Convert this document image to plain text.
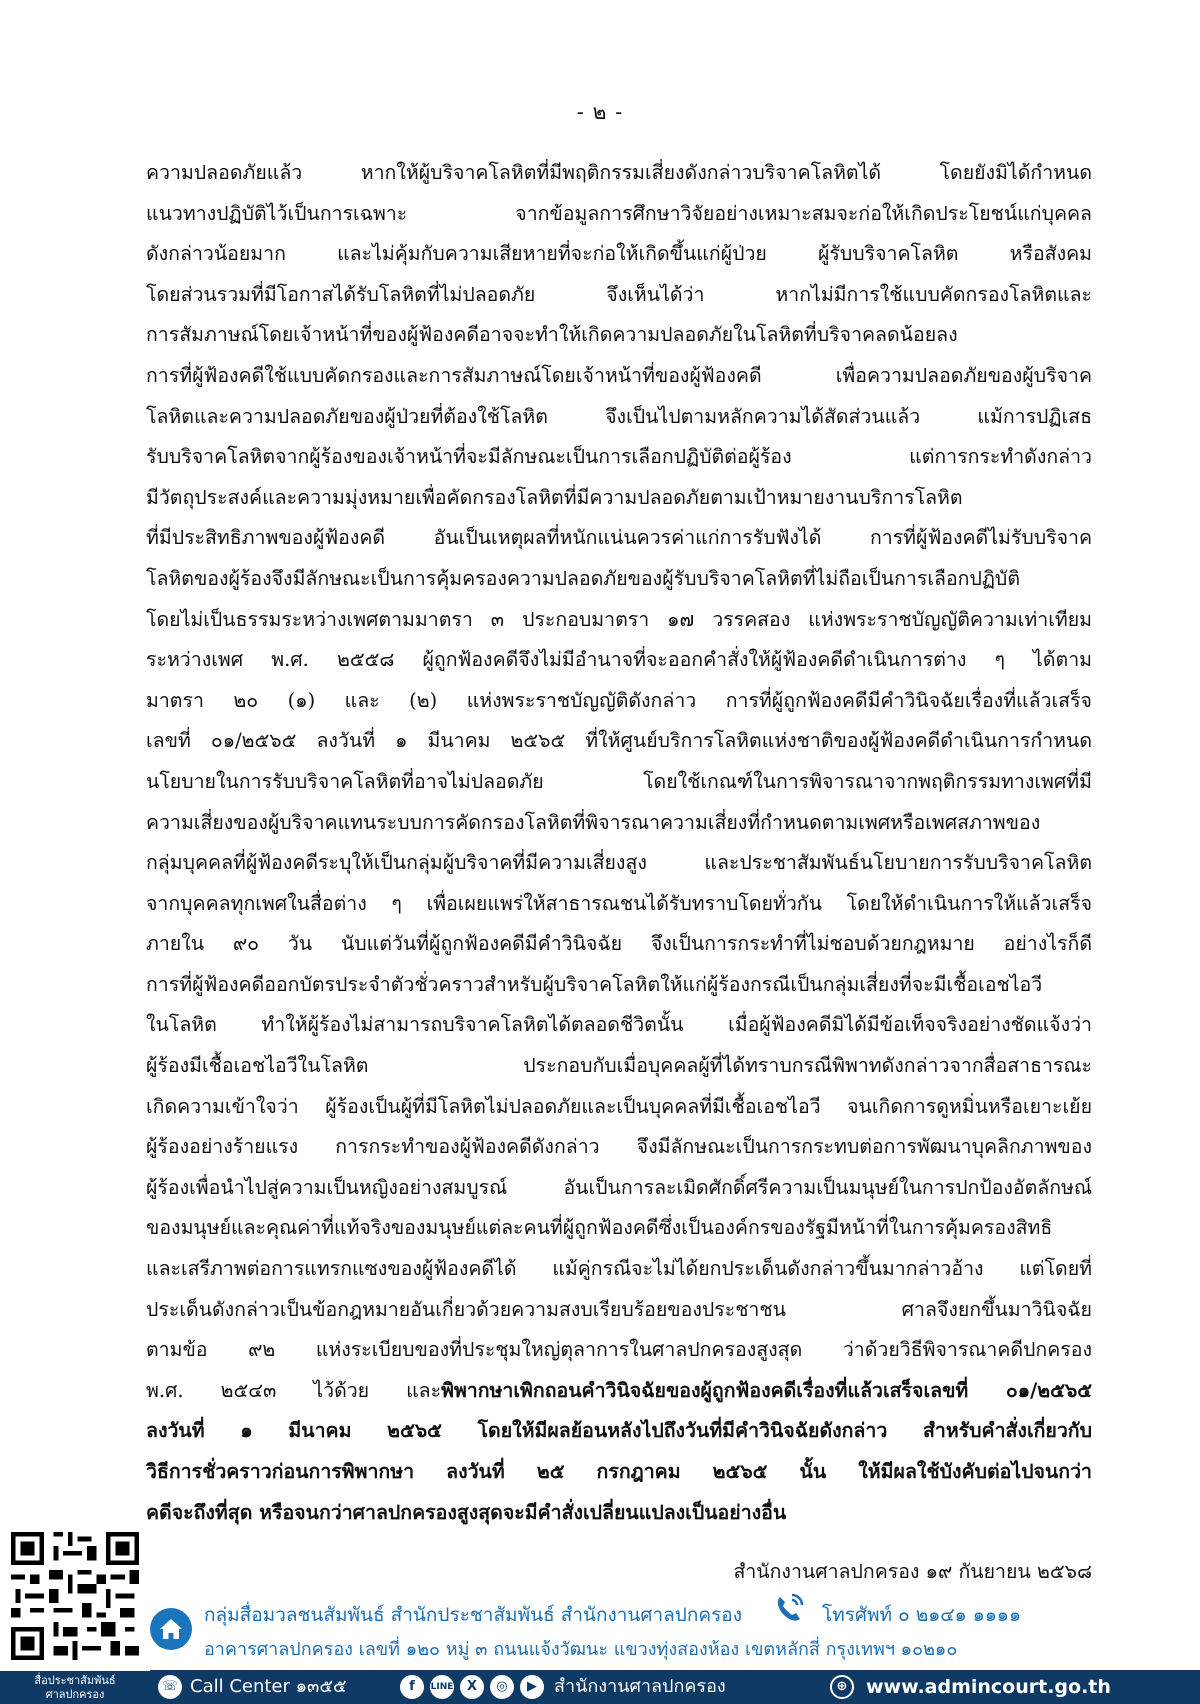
- ๒ -
ความปลอดภัยแล้ว หากให้ผู้บริจาคโลหิตที่มีพฤติกรรมเสี่ยงดังกล่าวบริจาคโลหิตได้ โดยยังมิได้กำหนด
แนวทางปฏิบัติไว้เป็นการเฉพาะ จากข้อมูลการศึกษาวิจัยอย่างเหมาะสมจะก่อให้เกิดประโยชน์แก่บุคคล
ดังกล่าวน้อยมาก และไม่คุ้มกับความเสียหายที่จะก่อให้เกิดขึ้นแก่ผู้ป่วย ผู้รับบริจาคโลหิต หรือสังคม
โดยส่วนรวมที่มีโอกาสได้รับโลหิตที่ไม่ปลอดภัย จึงเห็นได้ว่า หากไม่มีการใช้แบบคัดกรองโลหิตและ
การสัมภาษณ์โดยเจ้าหน้าที่ของผู้ฟ้องคดีอาจจะทำให้เกิดความปลอดภัยในโลหิตที่บริจาคลดน้อยลง
การที่ผู้ฟ้องคดีใช้แบบคัดกรองและการสัมภาษณ์โดยเจ้าหน้าที่ของผู้ฟ้องคดี เพื่อความปลอดภัยของผู้บริจาค
โลหิตและความปลอดภัยของผู้ป่วยที่ต้องใช้โลหิต จึงเป็นไปตามหลักความได้สัดส่วนแล้ว แม้การปฏิเสธ
รับบริจาคโลหิตจากผู้ร้องของเจ้าหน้าที่จะมีลักษณะเป็นการเลือกปฏิบัติต่อผู้ร้อง แต่การกระทำดังกล่าว
มีวัตถุประสงค์และความมุ่งหมายเพื่อคัดกรองโลหิตที่มีความปลอดภัยตามเป้าหมายงานบริการโลหิต
ที่มีประสิทธิภาพของผู้ฟ้องคดี อันเป็นเหตุผลที่หนักแน่นควรค่าแก่การรับฟังได้ การที่ผู้ฟ้องคดีไม่รับบริจาค
โลหิตของผู้ร้องจึงมีลักษณะเป็นการคุ้มครองความปลอดภัยของผู้รับบริจาคโลหิตที่ไม่ถือเป็นการเลือกปฏิบัติ
โดยไม่เป็นธรรมระหว่างเพศตามมาตรา ๓ ประกอบมาตรา ๑๗ วรรคสอง แห่งพระราชบัญญัติความเท่าเทียม
ระหว่างเพศ พ.ศ. ๒๕๕๘ ผู้ถูกฟ้องคดีจึงไม่มีอำนาจที่จะออกคำสั่งให้ผู้ฟ้องคดีดำเนินการต่าง ๆ ได้ตาม
มาตรา ๒๐ (๑) และ (๒) แห่งพระราชบัญญัติดังกล่าว การที่ผู้ถูกฟ้องคดีมีคำวินิจฉัยเรื่องที่แล้วเสร็จ
เลขที่ ๐๑/๒๕๖๕ ลงวันที่ ๑ มีนาคม ๒๕๖๕ ที่ให้ศูนย์บริการโลหิตแห่งชาติของผู้ฟ้องคดีดำเนินการกำหนด
นโยบายในการรับบริจาคโลหิตที่อาจไม่ปลอดภัย โดยใช้เกณฑ์ในการพิจารณาจากพฤติกรรมทางเพศที่มี
ความเสี่ยงของผู้บริจาคแทนระบบการคัดกรองโลหิตที่พิจารณาความเสี่ยงที่กำหนดตามเพศหรือเพศสภาพของ
กลุ่มบุคคลที่ผู้ฟ้องคดีระบุให้เป็นกลุ่มผู้บริจาคที่มีความเสี่ยงสูง และประชาสัมพันธ์นโยบายการรับบริจาคโลหิต
จากบุคคลทุกเพศในสื่อต่าง ๆ เพื่อเผยแพร่ให้สาธารณชนได้รับทราบโดยทั่วกัน โดยให้ดำเนินการให้แล้วเสร็จ
ภายใน ๙๐ วัน นับแต่วันที่ผู้ถูกฟ้องคดีมีคำวินิจฉัย จึงเป็นการกระทำที่ไม่ชอบด้วยกฎหมาย อย่างไรก็ดี
การที่ผู้ฟ้องคดีออกบัตรประจำตัวชั่วคราวสำหรับผู้บริจาคโลหิตให้แก่ผู้ร้องกรณีเป็นกลุ่มเสี่ยงที่จะมีเชื้อเอชไอวี
ในโลหิต ทำให้ผู้ร้องไม่สามารถบริจาคโลหิตได้ตลอดชีวิตนั้น เมื่อผู้ฟ้องคดีมิได้มีข้อเท็จจริงอย่างชัดแจ้งว่า
ผู้ร้องมีเชื้อเอชไอวีในโลหิต ประกอบกับเมื่อบุคคลผู้ที่ได้ทราบกรณีพิพาทดังกล่าวจากสื่อสาธารณะ
เกิดความเข้าใจว่า ผู้ร้องเป็นผู้ที่มีโลหิตไม่ปลอดภัยและเป็นบุคคลที่มีเชื้อเอชไอวี จนเกิดการดูหมิ่นหรือเยาะเย้ย
ผู้ร้องอย่างร้ายแรง การกระทำของผู้ฟ้องคดีดังกล่าว จึงมีลักษณะเป็นการกระทบต่อการพัฒนาบุคลิกภาพของ
ผู้ร้องเพื่อนำไปสู่ความเป็นหญิงอย่างสมบูรณ์ อันเป็นการละเมิดศักดิ์ศรีความเป็นมนุษย์ในการปกป้องอัตลักษณ์
ของมนุษย์และคุณค่าที่แท้จริงของมนุษย์แต่ละคนที่ผู้ถูกฟ้องคดีซึ่งเป็นองค์กรของรัฐมีหน้าที่ในการคุ้มครองสิทธิ
และเสรีภาพต่อการแทรกแซงของผู้ฟ้องคดีได้ แม้คู่กรณีจะไม่ได้ยกประเด็นดังกล่าวขึ้นมากล่าวอ้าง แต่โดยที่
ประเด็นดังกล่าวเป็นข้อกฎหมายอันเกี่ยวด้วยความสงบเรียบร้อยของประชาชน ศาลจึงยกขึ้นมาวินิจฉัย
ตามข้อ ๙๒ แห่งระเบียบของที่ประชุมใหญ่ตุลาการในศาลปกครองสูงสุด ว่าด้วยวิธีพิจารณาคดีปกครอง
พ.ศ. ๒๕๔๓ ไว้ด้วย และพิพากษาเพิกถอนคำวินิจฉัยของผู้ถูกฟ้องคดีเรื่องที่แล้วเสร็จเลขที่ ๐๑/๒๕๖๕
ลงวันที่ ๑ มีนาคม ๒๕๖๕ โดยให้มีผลย้อนหลังไปถึงวันที่มีคำวินิจฉัยดังกล่าว สำหรับคำสั่งเกี่ยวกับ
วิธีการชั่วคราวก่อนการพิพากษา ลงวันที่ ๒๕ กรกฎาคม ๒๕๖๕ นั้น ให้มีผลใช้บังคับต่อไปจนกว่า
คดีจะถึงที่สุด หรือจนกว่าศาลปกครองสูงสุดจะมีคำสั่งเปลี่ยนแปลงเป็นอย่างอื่น
สำนักงานศาลปกครอง ๑๙ กันยายน ๒๕๖๘
สื่อประชาสัมพันธ์
ศาลปกครอง
กลุ่มสื่อมวลชนสัมพันธ์ สำนักประชาสัมพันธ์ สำนักงานศาลปกครอง	โทรศัพท์ ๐ ๒๑๔๑ ๑๑๑๑
อาคารศาลปกครอง เลขที่ ๑๒๐ หมู่ ๓ ถนนแจ้งวัฒนะ แขวงทุ่งสองห้อง เขตหลักสี่ กรุงเทพฯ ๑๐๒๑๐
☏ Call Center ๑๓๕๕	f	LINE	X	◎	▶ สำนักงานศาลปกครอง	⊕ www.admincourt.go.th
